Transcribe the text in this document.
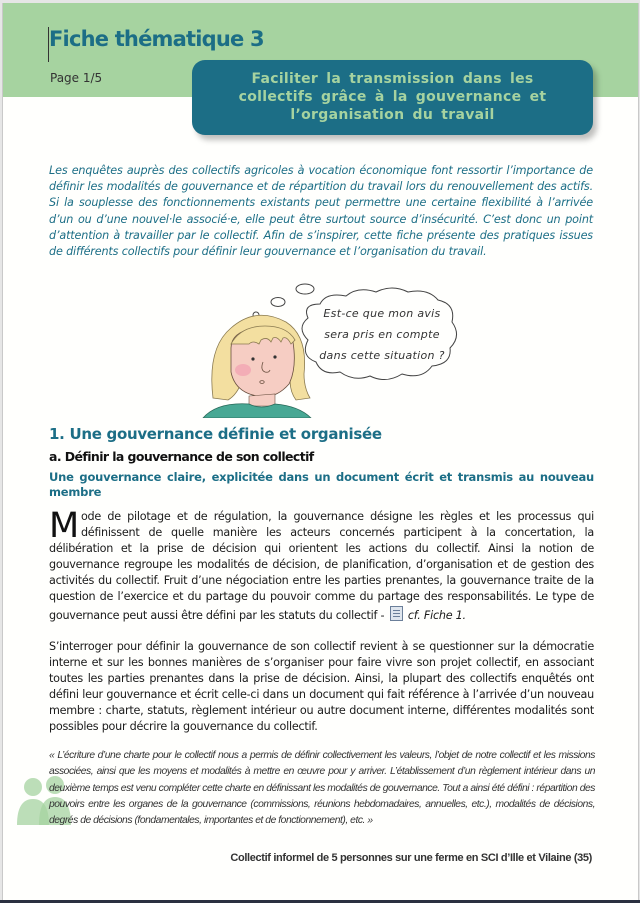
Fiche thématique 3
Page 1/5	Faciliter la transmission dans les collectifs grâce à la gouvernance et l’organisation du travail
Les enquêtes auprès des collectifs agricoles à vocation économique font ressortir l’importance de définir les modalités de gouvernance et de répartition du travail lors du renouvellement des actifs. Si la souplesse des fonctionnements existants peut permettre une certaine flexibilité à l’arrivée d’un ou d’une nouvel·le associé·e, elle peut être surtout source d’insécurité. C’est donc un point d’attention à travailler par le collectif. Afin de s’inspirer, cette fiche présente des pratiques issues de différents collectifs pour définir leur gouvernance et l’organisation du travail.
Est-ce que mon avis
sera pris en compte
dans cette situation ?
1. Une gouvernance définie et organisée
a. Définir la gouvernance de son collectif
Une gouvernance claire, explicitée dans un document écrit et transmis au nouveau membre
Mode de pilotage et de régulation, la gouvernance désigne les règles et les processus qui définissent de quelle manière les acteurs concernés participent à la concertation, la délibération et la prise de décision qui orientent les actions du collectif. Ainsi la notion de gouvernance regroupe les modalités de décision, de planification, d’organisation et de gestion des activités du collectif. Fruit d’une négociation entre les parties prenantes, la gouvernance traite de la question de l’exercice et du partage du pouvoir comme du partage des responsabilités. Le type de gouvernance peut aussi être défini par les statuts du collectif -
cf. Fiche 1.
S’interroger pour définir la gouvernance de son collectif revient à se questionner sur la démocratie interne et sur les bonnes manières de s’organiser pour faire vivre son projet collectif, en associant toutes les parties prenantes dans la prise de décision. Ainsi, la plupart des collectifs enquêtés ont défini leur gouvernance et écrit celle-ci dans un document qui fait référence à l’arrivée d’un nouveau membre : charte, statuts, règlement intérieur ou autre document interne, différentes modalités sont possibles pour décrire la gouvernance du collectif.
« L’écriture d’une charte pour le collectif nous a permis de définir collectivement les valeurs, l’objet de notre collectif et les missions associées, ainsi que les moyens et modalités à mettre en œuvre pour y arriver. L’établissement d’un règlement intérieur dans un deuxième temps est venu compléter cette charte en définissant les modalités de gouvernance. Tout a ainsi été défini : répartition des pouvoirs entre les organes de la gouvernance (commissions, réunions hebdomadaires, annuelles, etc.), modalités de décisions, degrés de décisions (fondamentales, importantes et de fonctionnement), etc. »
Collectif informel de 5 personnes sur une ferme en SCI d’Ille et Vilaine (35)
